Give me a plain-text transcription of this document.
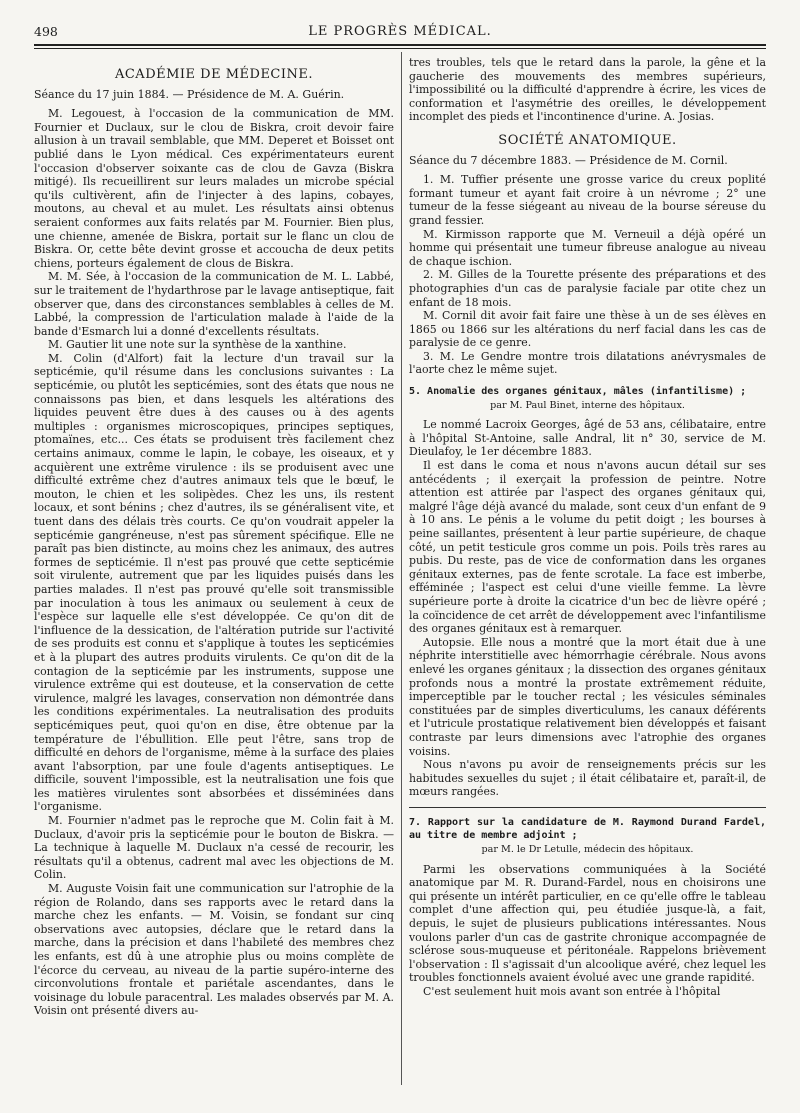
498	LE PROGRÈS MÉDICAL.
ACADÉMIE DE MÉDECINE.

Séance du 17 juin 1884. — Présidence de M. A. Guérin.

M. Legouest, à l'occasion de la communication de MM. Fournier et Duclaux, sur le clou de Biskra, croit devoir faire allusion à un travail semblable, que MM. Deperet et Boisset ont publié dans le Lyon médical. Ces expérimentateurs eurent l'occasion d'observer soixante cas de clou de Gavza (Biskra mitigé). Ils recueillirent sur leurs malades un microbe spécial qu'ils cultivèrent, afin de l'injecter à des lapins, cobayes, moutons, au cheval et au mulet. Les résultats ainsi obtenus seraient conformes aux faits relatés par M. Fournier. Bien plus, une chienne, amenée de Biskra, portait sur le flanc un clou de Biskra. Or, cette bête devint grosse et accoucha de deux petits chiens, porteurs également de clous de Biskra.

M. M. Sée, à l'occasion de la communication de M. L. Labbé, sur le traitement de l'hydarthrose par le lavage antiseptique, fait observer que, dans des circonstances semblables à celles de M. Labbé, la compression de l'articulation malade à l'aide de la bande d'Esmarch lui a donné d'excellents résultats.

M. Gautier lit une note sur la synthèse de la xanthine.

M. Colin (d'Alfort) fait la lecture d'un travail sur la septicémie, qu'il résume dans les conclusions suivantes : La septicémie, ou plutôt les septicémies, sont des états que nous ne connaissons pas bien, et dans lesquels les altérations des liquides peuvent être dues à des causes ou à des agents multiples : organismes microscopiques, principes septiques, ptomaïnes, etc... Ces états se produisent très facilement chez certains animaux, comme le lapin, le cobaye, les oiseaux, et y acquièrent une extrême virulence : ils se produisent avec une difficulté extrême chez d'autres animaux tels que le bœuf, le mouton, le chien et les solipèdes. Chez les uns, ils restent locaux, et sont bénins ; chez d'autres, ils se généralisent vite, et tuent dans des délais très courts. Ce qu'on voudrait appeler la septicémie gangréneuse, n'est pas sûrement spécifique. Elle ne paraît pas bien distincte, au moins chez les animaux, des autres formes de septicémie. Il n'est pas prouvé que cette septicémie soit virulente, autrement que par les liquides puisés dans les parties malades. Il n'est pas prouvé qu'elle soit transmissible par inoculation à tous les animaux ou seulement à ceux de l'espèce sur laquelle elle s'est développée. Ce qu'on dit de l'influence de la dessication, de l'altération putride sur l'activité de ses produits est connu et s'applique à toutes les septicémies et à la plupart des autres produits virulents. Ce qu'on dit de la contagion de la septicémie par les instruments, suppose une virulence extrême qui est douteuse, et la conservation de cette virulence, malgré les lavages, conservation non démontrée dans les conditions expérimentales. La neutralisation des produits septicémiques peut, quoi qu'on en dise, être obtenue par la température de l'ébullition. Elle peut l'être, sans trop de difficulté en dehors de l'organisme, même à la surface des plaies avant l'absorption, par une foule d'agents antiseptiques. Le difficile, souvent l'impossible, est la neutralisation une fois que les matières virulentes sont absorbées et disséminées dans l'organisme.

M. Fournier n'admet pas le reproche que M. Colin fait à M. Duclaux, d'avoir pris la septicémie pour le bouton de Biskra. — La technique à laquelle M. Duclaux n'a cessé de recourir, les résultats qu'il a obtenus, cadrent mal avec les objections de M. Colin.

M. Auguste Voisin fait une communication sur l'atrophie de la région de Rolando, dans ses rapports avec le retard dans la marche chez les enfants. — M. Voisin, se fondant sur cinq observations avec autopsies, déclare que le retard dans la marche, dans la précision et dans l'habileté des membres chez les enfants, est dû à une atrophie plus ou moins complète de l'écorce du cerveau, au niveau de la partie supéro-interne des circonvolutions frontale et pariétale ascendantes, dans le voisinage du lobule paracentral. Les malades observés par M. A. Voisin ont présenté divers au-

tres troubles, tels que le retard dans la parole, la gêne et la gaucherie des mouvements des membres supérieurs, l'impossibilité ou la difficulté d'apprendre à écrire, les vices de conformation et l'asymétrie des oreilles, le développement incomplet des pieds et l'incontinence d'urine. A. Josias.

SOCIÉTÉ ANATOMIQUE.

Séance du 7 décembre 1883. — Présidence de M. Cornil.

1. M. Tuffier présente une grosse varice du creux poplité formant tumeur et ayant fait croire à un névrome ; 2° une tumeur de la fesse siégeant au niveau de la bourse séreuse du grand fessier.

M. Kirmisson rapporte que M. Verneuil a déjà opéré un homme qui présentait une tumeur fibreuse analogue au niveau de chaque ischion.

2. M. Gilles de la Tourette présente des préparations et des photographies d'un cas de paralysie faciale par otite chez un enfant de 18 mois.

M. Cornil dit avoir fait faire une thèse à un de ses élèves en 1865 ou 1866 sur les altérations du nerf facial dans les cas de paralysie de ce genre.

3. M. Le Gendre montre trois dilatations anévrysmales de l'aorte chez le même sujet.

5. Anomalie des organes génitaux, mâles (infantilisme) ;

par M. Paul Binet, interne des hôpitaux.

Le nommé Lacroix Georges, âgé de 53 ans, célibataire, entre à l'hôpital St-Antoine, salle Andral, lit n° 30, service de M. Dieulafoy, le 1er décembre 1883.

Il est dans le coma et nous n'avons aucun détail sur ses antécédents ; il exerçait la profession de peintre. Notre attention est attirée par l'aspect des organes génitaux qui, malgré l'âge déjà avancé du malade, sont ceux d'un enfant de 9 à 10 ans. Le pénis a le volume du petit doigt ; les bourses à peine saillantes, présentent à leur partie supérieure, de chaque côté, un petit testicule gros comme un pois. Poils très rares au pubis. Du reste, pas de vice de conformation dans les organes génitaux externes, pas de fente scrotale. La face est imberbe, efféminée ; l'aspect est celui d'une vieille femme. La lèvre supérieure porte à droite la cicatrice d'un bec de lièvre opéré ; la coïncidence de cet arrêt de développement avec l'infantilisme des organes génitaux est à remarquer.

Autopsie. Elle nous a montré que la mort était due à une néphrite interstitielle avec hémorrhagie cérébrale. Nous avons enlevé les organes génitaux ; la dissection des organes génitaux profonds nous a montré la prostate extrêmement réduite, imperceptible par le toucher rectal ; les vésicules séminales constituées par de simples diverticulums, les canaux déférents et l'utricule prostatique relativement bien développés et faisant contraste par leurs dimensions avec l'atrophie des organes voisins.

Nous n'avons pu avoir de renseignements précis sur les habitudes sexuelles du sujet ; il était célibataire et, paraît-il, de mœurs rangées.

7. Rapport sur la candidature de M. Raymond Durand Fardel, au titre de membre adjoint ;

par M. le Dr Letulle, médecin des hôpitaux.

Parmi les observations communiquées à la Société anatomique par M. R. Durand-Fardel, nous en choisirons une qui présente un intérêt particulier, en ce qu'elle offre le tableau complet d'une affection qui, peu étudiée jusque-là, a fait, depuis, le sujet de plusieurs publications intéressantes. Nous voulons parler d'un cas de gastrite chronique accompagnée de sclérose sous-muqueuse et péritonéale. Rappelons brièvement l'observation : Il s'agissait d'un alcoolique avéré, chez lequel les troubles fonctionnels avaient évolué avec une grande rapidité.

C'est seulement huit mois avant son entrée à l'hôpital
